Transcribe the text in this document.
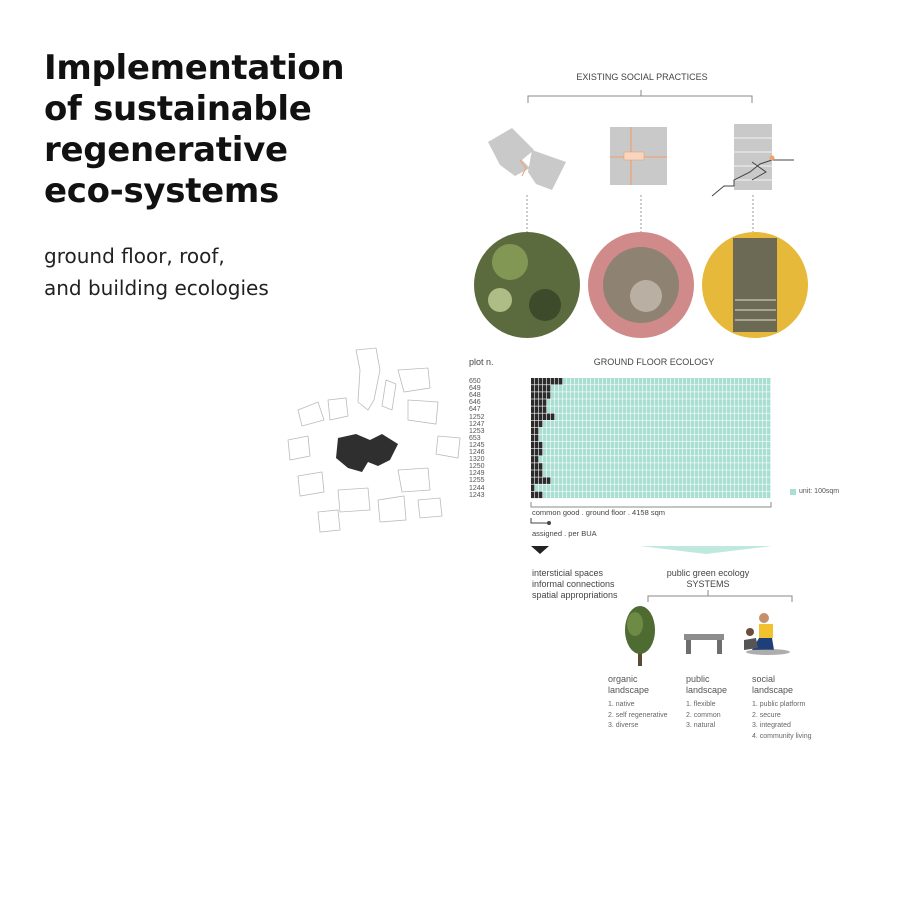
Implementation
of sustainable
regenerative
eco-systems

ground floor, roof,
and building ecologies

EXISTING SOCIAL PRACTICES
plot n.	GROUND FLOOR ECOLOGY
650
649
648
646
647
1252
1247
1253
653
1245
1246
1320
1250
1249
1255
1244
1243
unit: 100sqm
common good . ground floor . 4158 sqm
assigned . per BUA
intersticial spaces
informal connections
spatial appropriations
public green ecology
SYSTEMS
organic
landscape
public
landscape
social
landscape
1. native
2. self regenerative
3. diverse
1. flexible
2. common
3. natural
1. public platform
2. secure
3. integrated
4. community living
